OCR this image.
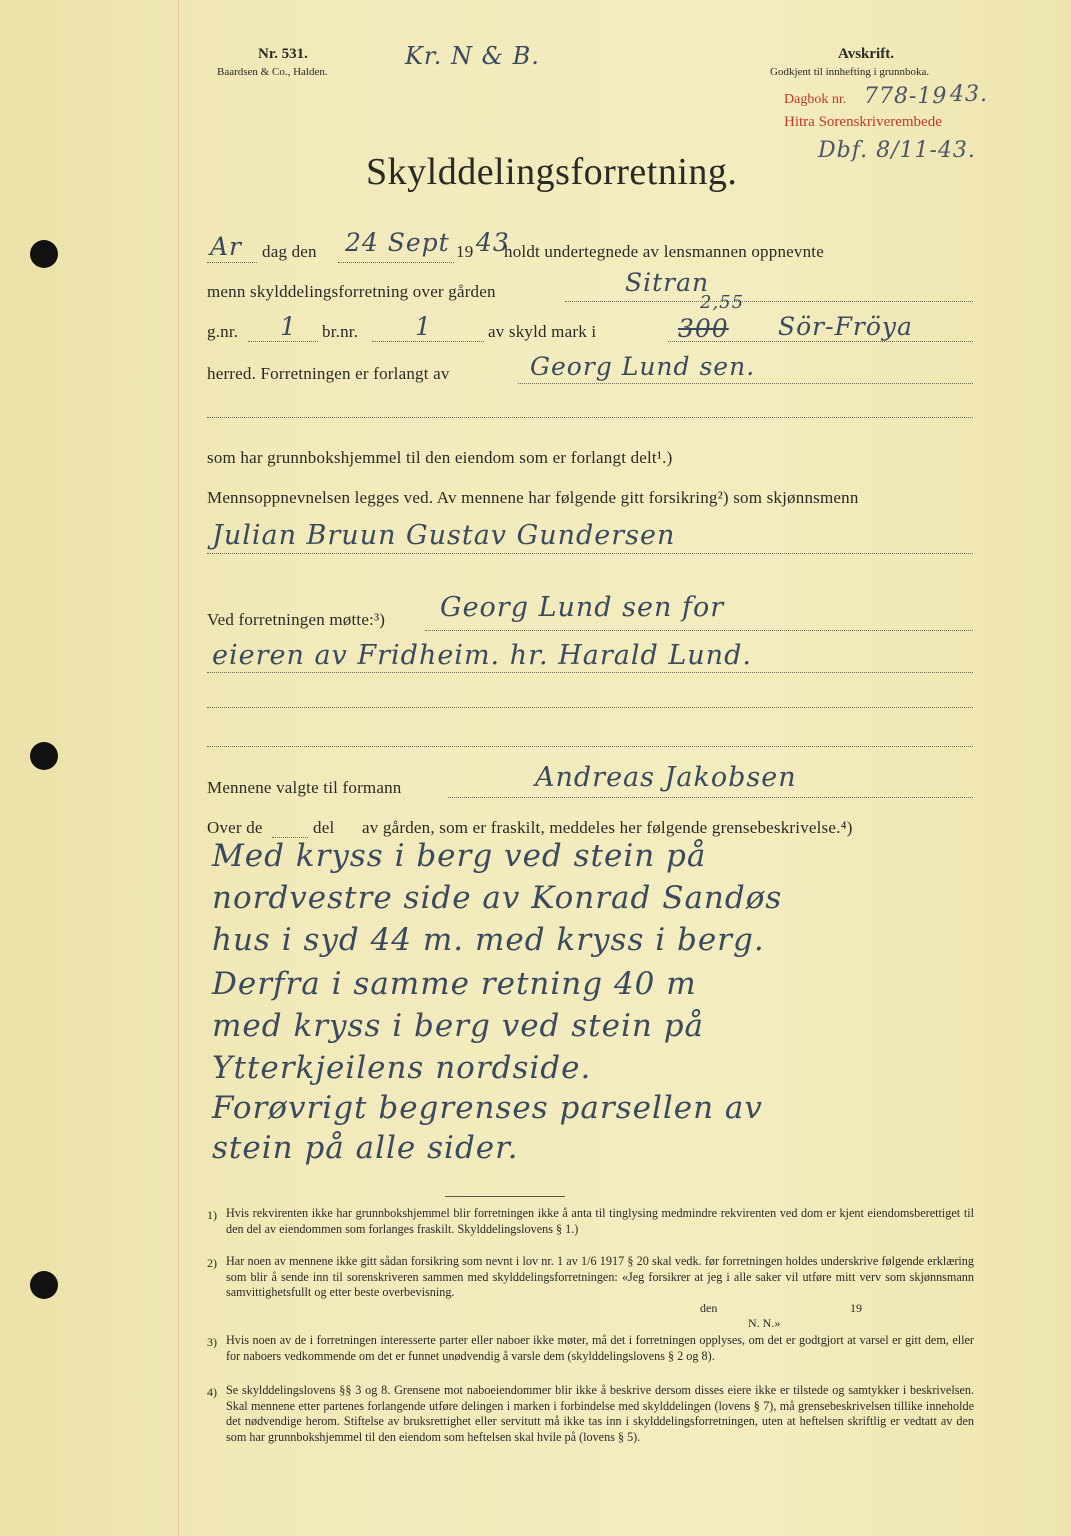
Nr. 531.
Baardsen & Co., Halden.
Kr. N & B.	Avskrift.
Godkjent til innhefting i grunnboka.
Dagbok nr. 778-19 43.
Hitra Sorenskriverembede
Dbf. 8/11-43.
Skylddelingsforretning.
Ar dag den 24 Sept 19 43
holdt undertegnede av lensmannen oppnevnte
menn skylddelingsforretning over gården	Sitran
g.nr. 1 br.nr. 1	av skyld mark i
2,55
300 Sör-Fröya
herred. Forretningen er forlangt av	Georg Lund sen.
som har grunnbokshjemmel til den eiendom som er forlangt delt¹.)
Mennsoppnevnelsen legges ved. Av mennene har følgende gitt forsikring²) som skjønnsmenn
Julian Bruun Gustav Gundersen
Ved forretningen møtte:³) Georg Lund sen for
eieren av Fridheim. hr. Harald Lund.
Mennene valgte til formann	Andreas Jakobsen
Over de	del av gården, som er fraskilt, meddeles her følgende grensebeskrivelse.⁴)
Med kryss i berg ved stein på
nordvestre side av Konrad Sandøs
hus i syd 44 m. med kryss i berg.
Derfra i samme retning 40 m
med kryss i berg ved stein på
Ytterkjeilens nordside.
Forøvrigt begrenses parsellen av
stein på alle sider.
1) Hvis rekvirenten ikke har grunnbokshjemmel blir forretningen ikke å anta til tinglysing medmindre rekvirenten ved dom er kjent eiendomsberettiget til den del av eiendommen som forlanges fraskilt. Skylddelingslovens § 1.)
2) Har noen av mennene ikke gitt sådan forsikring som nevnt i lov nr. 1 av 1/6 1917 § 20 skal vedk. før forretningen holdes underskrive følgende erklæring som blir å sende inn til sorenskriveren sammen med skylddelingsforretningen: «Jeg forsikrer at jeg i alle saker vil utføre mitt verv som skjønnsmann samvittighetsfullt og etter beste overbevisning.
den	19
N. N.»
3) Hvis noen av de i forretningen interesserte parter eller naboer ikke møter, må det i forretningen opplyses, om det er godtgjort at varsel er gitt dem, eller for naboers vedkommende om det er funnet unødvendig å varsle dem (skylddelingslovens § 2 og 8).
4) Se skylddelingslovens §§ 3 og 8. Grensene mot naboeiendommer blir ikke å beskrive dersom disses eiere ikke er tilstede og samtykker i beskrivelsen. Skal mennene etter partenes forlangende utføre delingen i marken i forbindelse med skylddelingen (lovens § 7), må grensebeskrivelsen tillike inneholde det nødvendige herom. Stiftelse av bruksrettighet eller servitutt må ikke tas inn i skylddelingsforretningen, uten at heftelsen skriftlig er vedtatt av den som har grunnbokshjemmel til den eiendom som heftelsen skal hvile på (lovens § 5).
